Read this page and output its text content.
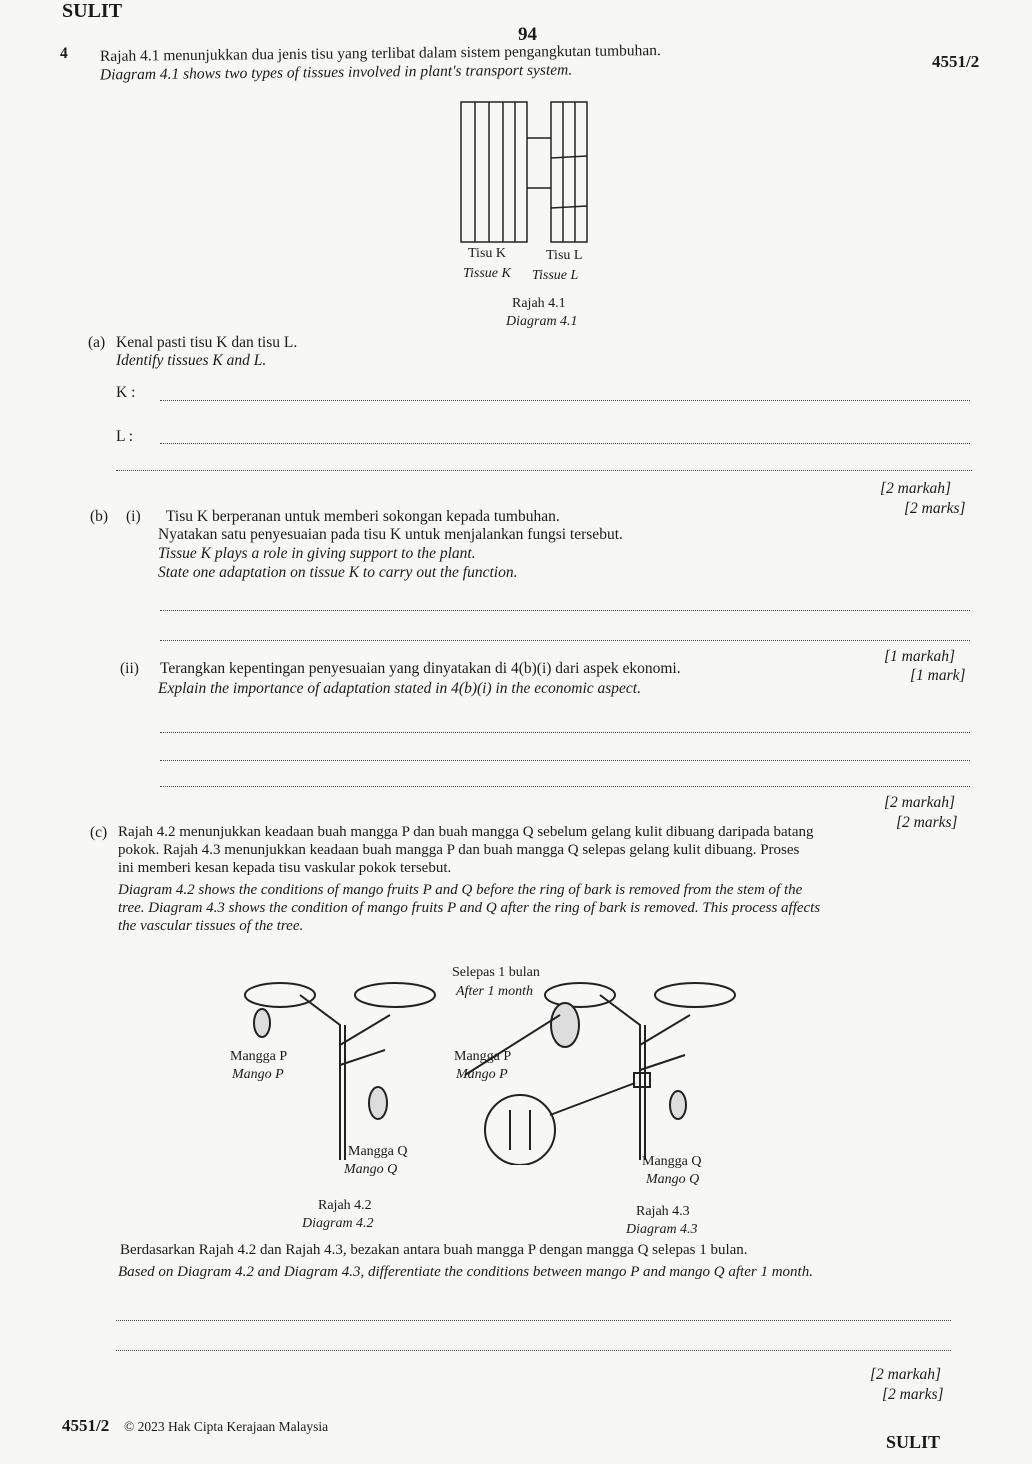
SULIT
94
4551/2
4 Rajah 4.1 menunjukkan dua jenis tisu yang terlibat dalam sistem pengangkutan tumbuhan.
Diagram 4.1 shows two types of tissues involved in plant's transport system.
Tisu K	Tisu L
Tissue K Tissue L
Rajah 4.1
Diagram 4.1
(a) Kenal pasti tisu K dan tisu L.
Identify tissues K and L.
K :
L :
[2 markah]
[2 marks]
(b) (i) Tisu K berperanan untuk memberi sokongan kepada tumbuhan.
Nyatakan satu penyesuaian pada tisu K untuk menjalankan fungsi tersebut.
Tissue K plays a role in giving support to the plant.
State one adaptation on tissue K to carry out the function.
[1 markah]
[1 mark]
(ii) Terangkan kepentingan penyesuaian yang dinyatakan di 4(b)(i) dari aspek ekonomi.
Explain the importance of adaptation stated in 4(b)(i) in the economic aspect.
[2 markah]
[2 marks]
(c) Rajah 4.2 menunjukkan keadaan buah mangga P dan buah mangga Q sebelum gelang kulit dibuang daripada batang
pokok. Rajah 4.3 menunjukkan keadaan buah mangga P dan buah mangga Q selepas gelang kulit dibuang. Proses
ini memberi kesan kepada tisu vaskular pokok tersebut.
Diagram 4.2 shows the conditions of mango fruits P and Q before the ring of bark is removed from the stem of the
tree. Diagram 4.3 shows the condition of mango fruits P and Q after the ring of bark is removed. This process affects
the vascular tissues of the tree.
Selepas 1 bulan
After 1 month
Mangga P
Mango P
Mangga P
Mango P
Mangga Q
Mango Q
Mangga Q
Mango Q
Rajah 4.2
Diagram 4.2
Rajah 4.3
Diagram 4.3
Berdasarkan Rajah 4.2 dan Rajah 4.3, bezakan antara buah mangga P dengan mangga Q selepas 1 bulan.
Based on Diagram 4.2 and Diagram 4.3, differentiate the conditions between mango P and mango Q after 1 month.
[2 markah]
[2 marks]
4551/2 © 2023 Hak Cipta Kerajaan Malaysia
SULIT
